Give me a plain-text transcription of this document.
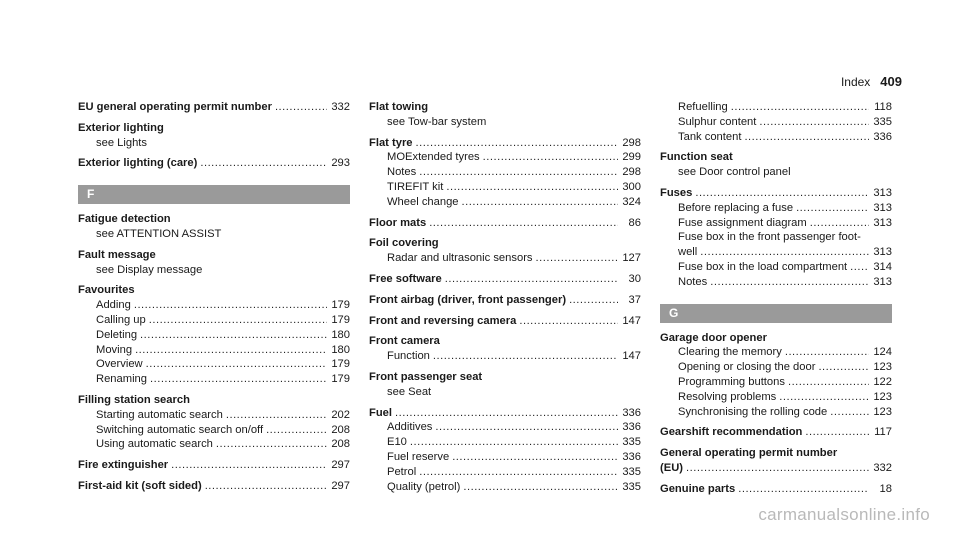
Index 409
EU general operating permit number .....	332
Exterior lighting
see Lights
Exterior lighting (care) .....	293
F
Fatigue detection
see ATTENTION ASSIST
Fault message
see Display message
Favourites
Adding .....	179
Calling up .....	179
Deleting .....	180
Moving .....	180
Overview .....	179
Renaming .....	179
Filling station search
Starting automatic search .....	202
Switching automatic search on/off .....	208
Using automatic search .....	208
Fire extinguisher .....	297
First-aid kit (soft sided) .....	297
Flat towing
see Tow-bar system
Flat tyre .....	298
MOExtended tyres .....	299
Notes .....	298
TIREFIT kit .....	300
Wheel change .....	324
Floor mats .....	86
Foil covering
Radar and ultrasonic sensors .....	127
Free software .....	30
Front airbag (driver, front passenger) .....	37
Front and reversing camera .....	147
Front camera
Function .....	147
Front passenger seat
see Seat
Fuel .....	336
Additives .....	336
E10 .....	335
Fuel reserve .....	336
Petrol .....	335
Quality (petrol) .....	335
Refuelling .....	118
Sulphur content .....	335
Tank content .....	336
Function seat
see Door control panel
Fuses .....	313
Before replacing a fuse .....	313
Fuse assignment diagram .....	313
Fuse box in the front passenger foot-
well .....	313
Fuse box in the load compartment ..... 314
Notes .....	313
G
Garage door opener
Clearing the memory .....	124
Opening or closing the door .....	123
Programming buttons .....	122
Resolving problems .....	123
Synchronising the rolling code .....	123
Gearshift recommendation .....	117
General operating permit number
(EU) .....	332
Genuine parts .....	18
carmanualsonline.info
